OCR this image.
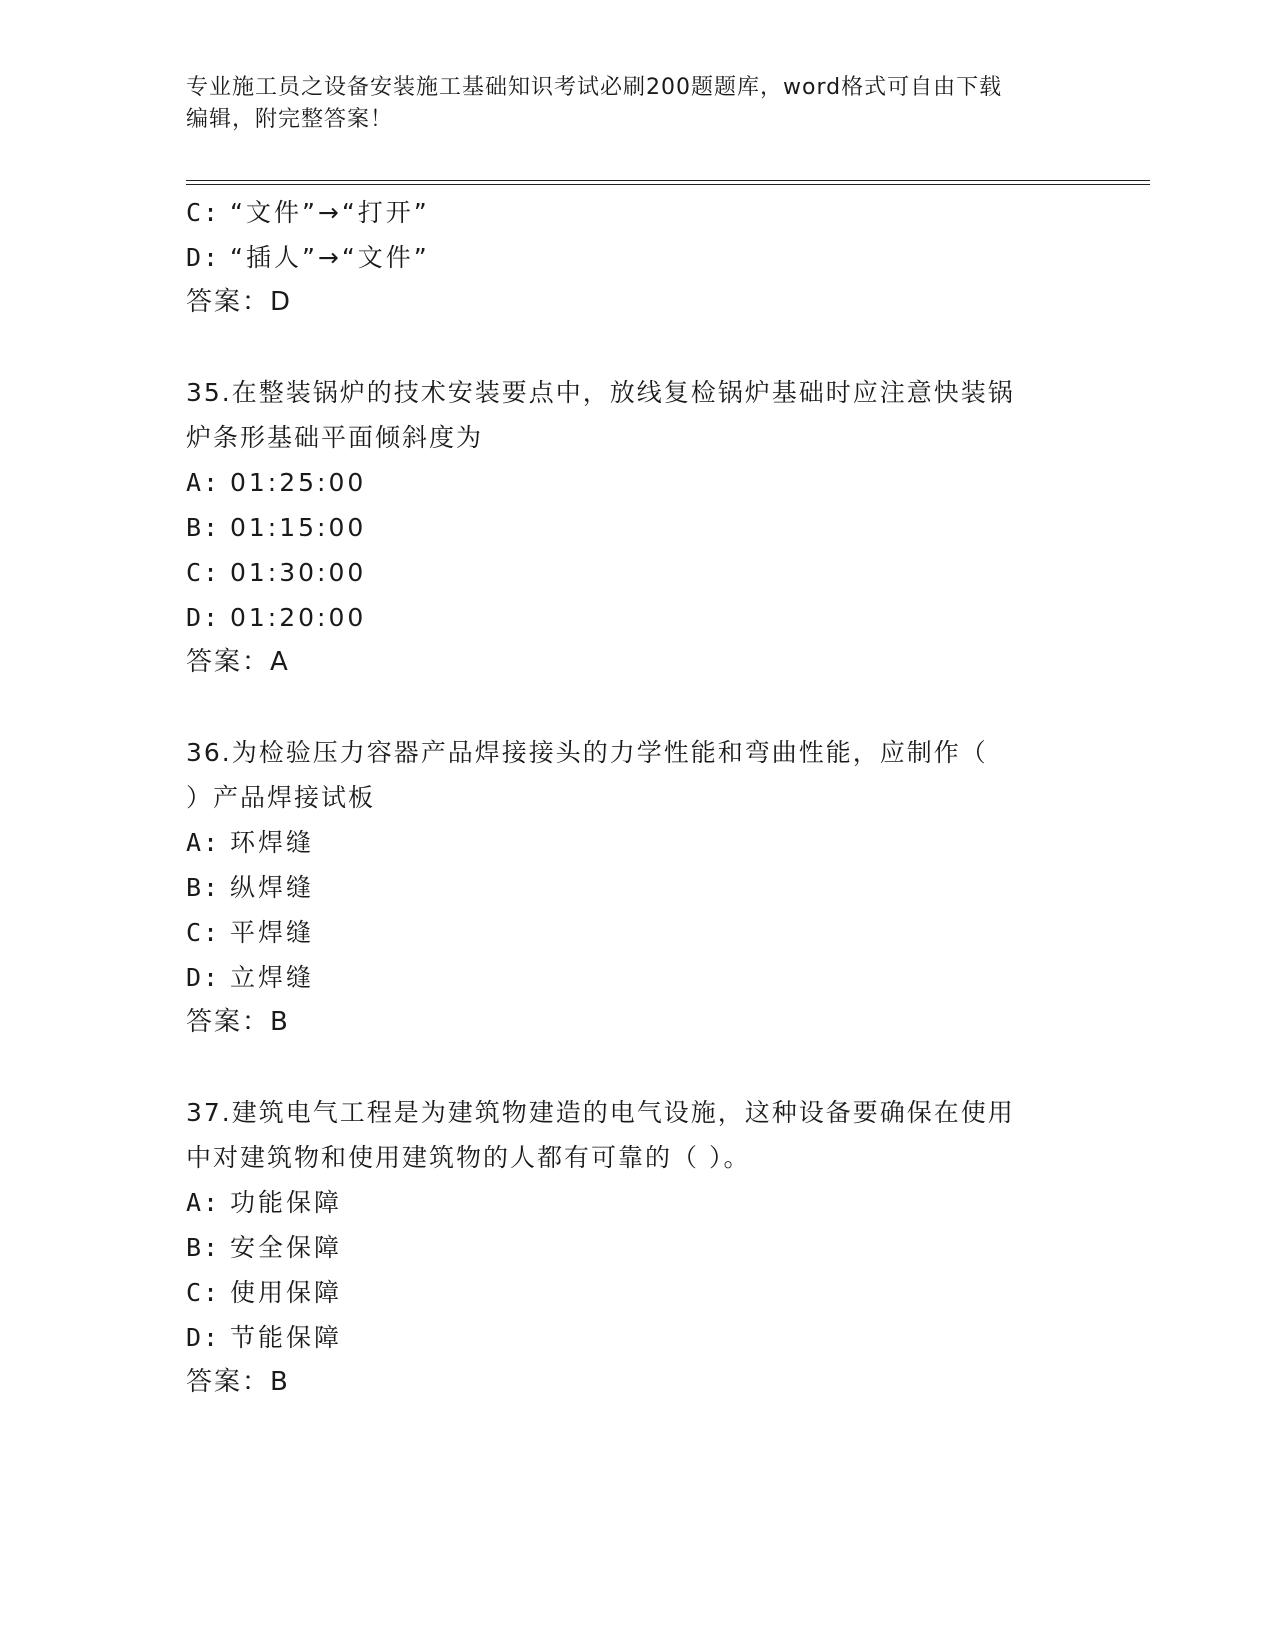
专业施工员之设备安装施工基础知识考试必刷200题题库，word格式可自由下载
编辑，附完整答案！
C: “文件”→“打开”
D: “插人”→“文件”
答案：D
35.在整装锅炉的技术安装要点中，放线复检锅炉基础时应注意快装锅
炉条形基础平面倾斜度为
A: 01:25:00
B: 01:15:00
C: 01:30:00
D: 01:20:00
答案：A
36.为检验压力容器产品焊接接头的力学性能和弯曲性能，应制作（
）产品焊接试板
A: 环焊缝
B: 纵焊缝
C: 平焊缝
D: 立焊缝
答案：B
37.建筑电气工程是为建筑物建造的电气设施，这种设备要确保在使用
中对建筑物和使用建筑物的人都有可靠的（ ）。
A: 功能保障
B: 安全保障
C: 使用保障
D: 节能保障
答案：B
